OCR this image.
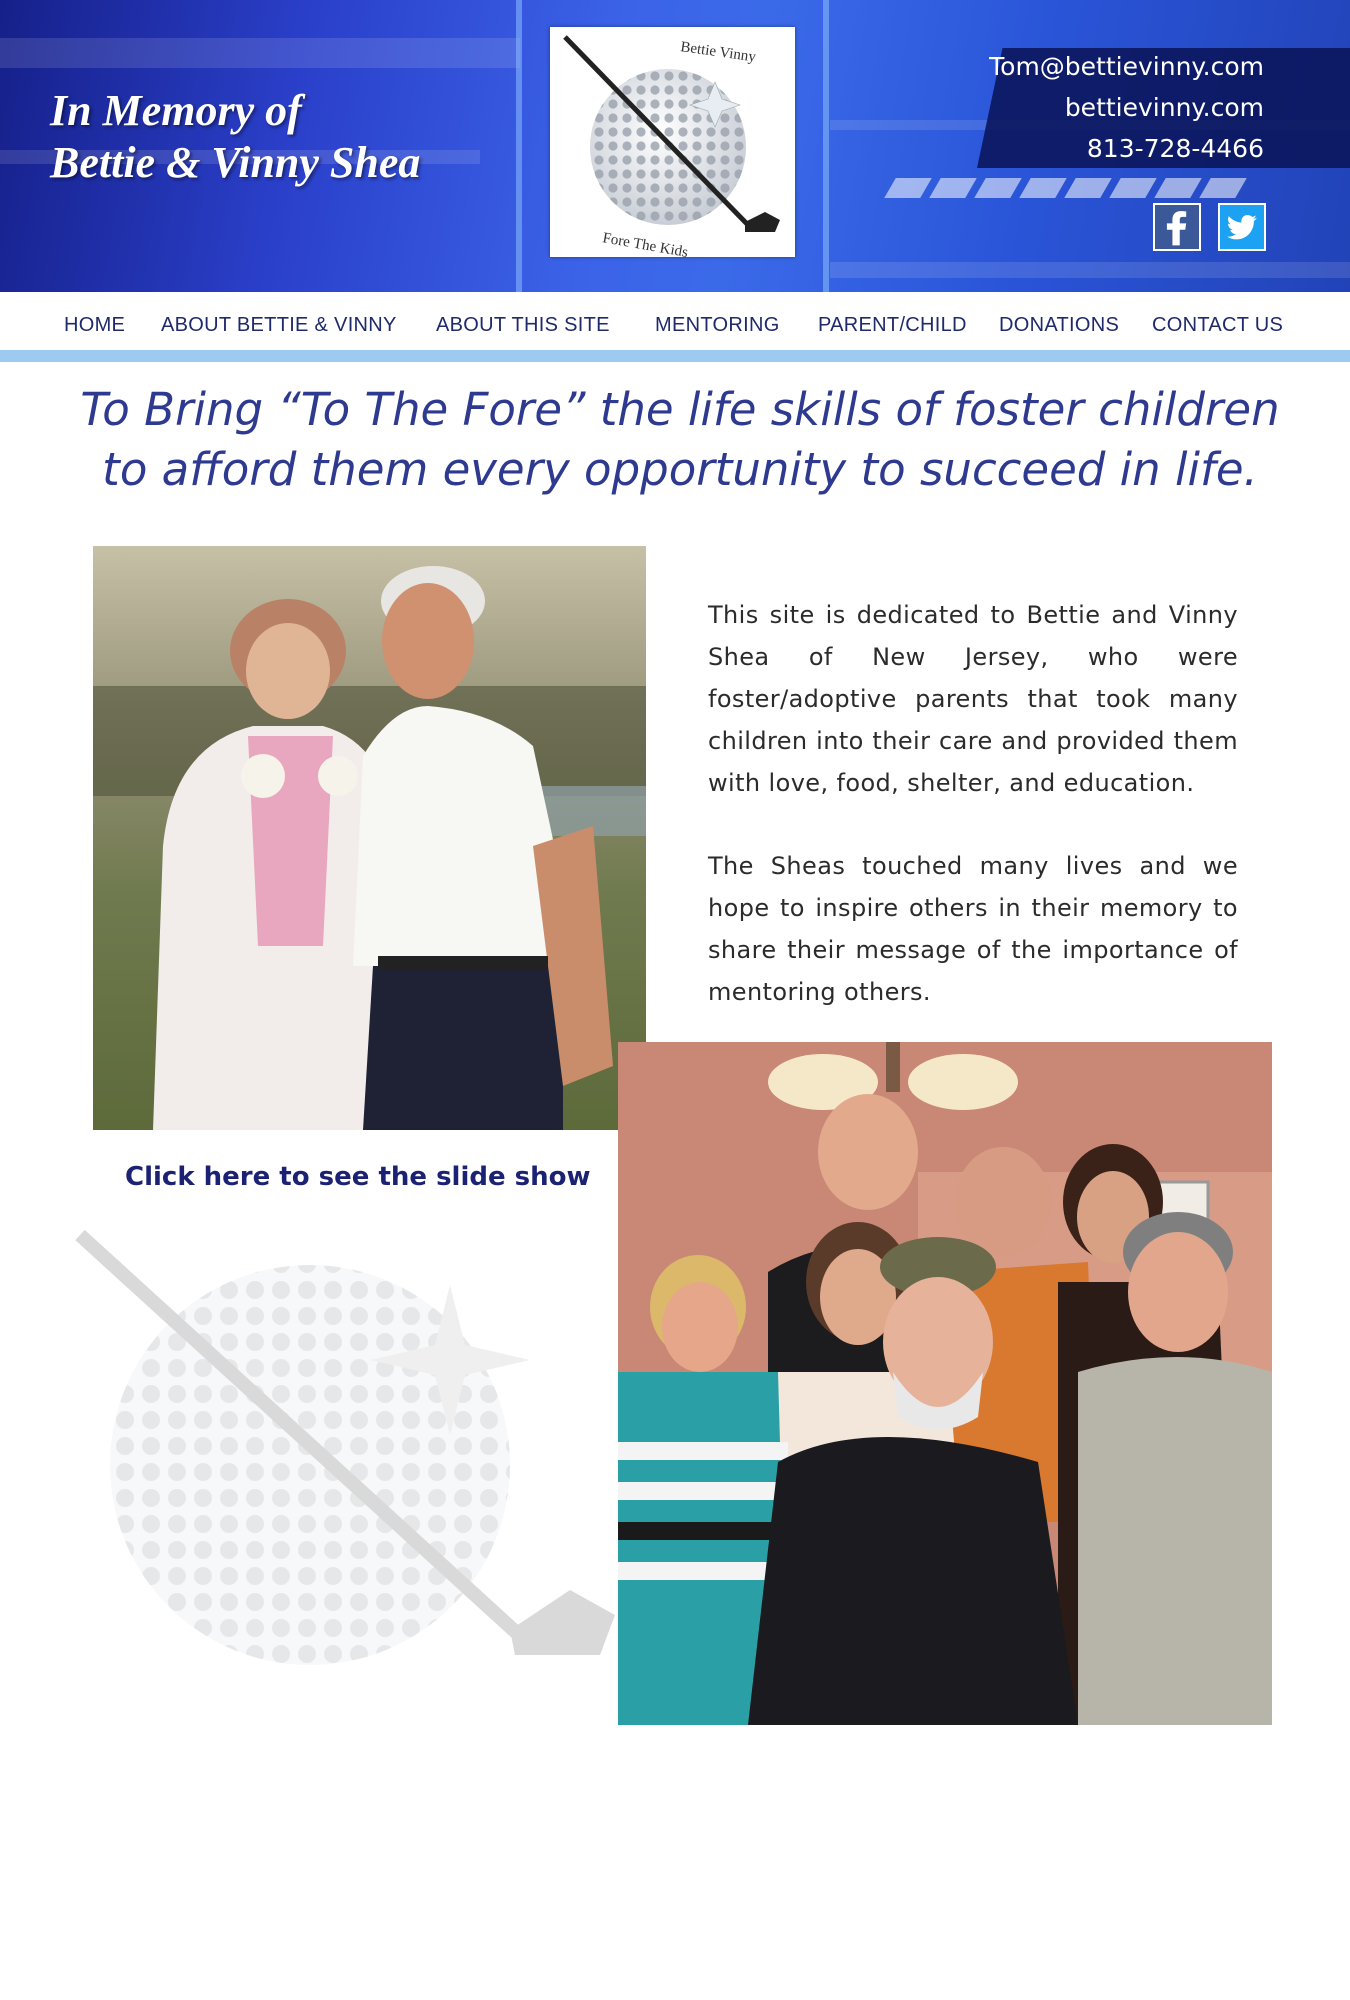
In Memory of
Bettie & Vinny Shea
Bettie Vinny
Fore The Kids
Tom@bettievinny.com
bettievinny.com
813-728-4466
HOME ABOUT BETTIE & VINNY ABOUT THIS SITE MENTORING PARENT/CHILD DONATIONS CONTACT US
To Bring “To The Fore” the life skills of foster children
to afford them every opportunity to succeed in life.

This site is dedicated to Bettie and Vinny Shea of New Jersey, who were foster/adoptive parents that took many children into their care and provided them with love, food, shelter, and education.

The Sheas touched many lives and we hope to inspire others in their memory to share their message of the importance of mentoring others.

Click here to see the slide show
